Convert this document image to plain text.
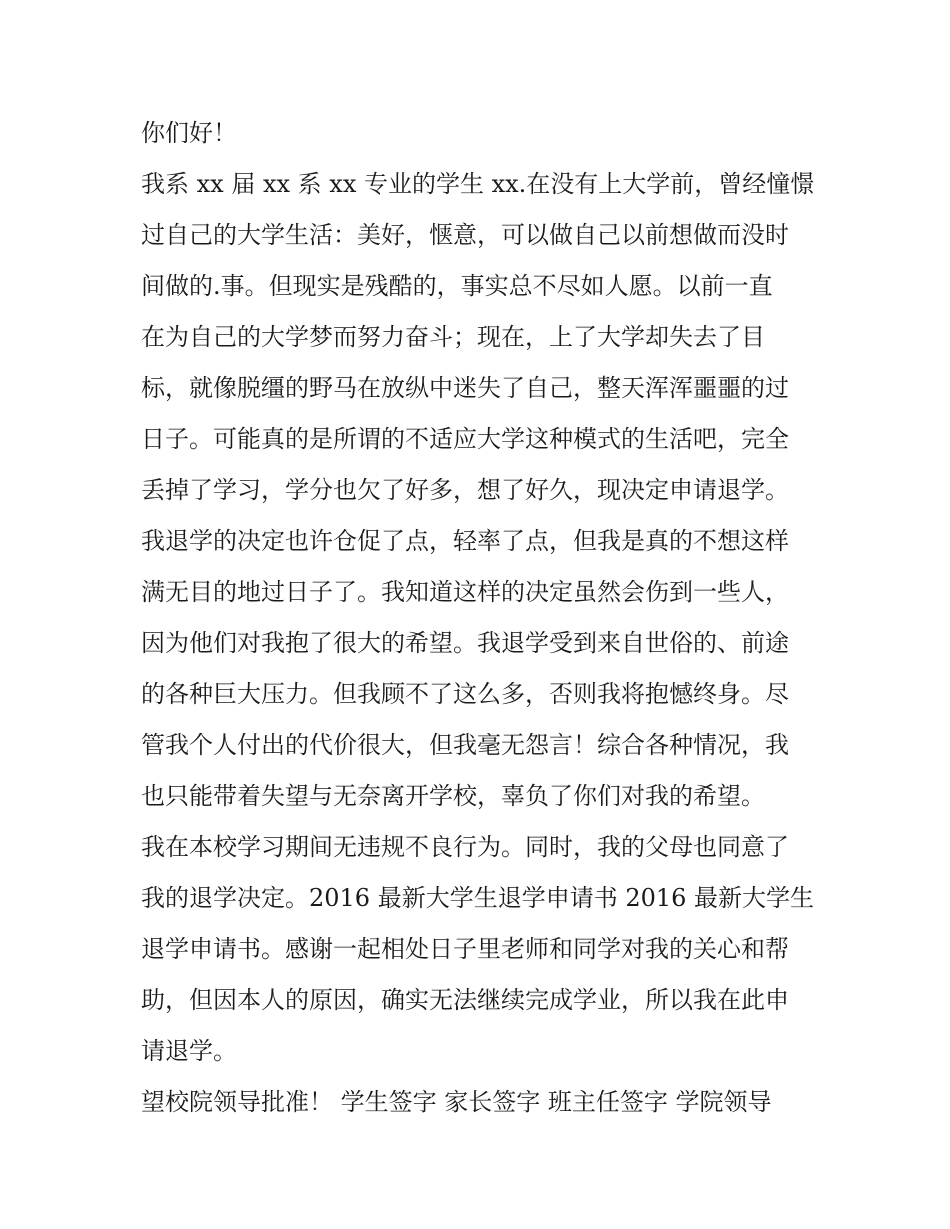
你们好！
我系 xx 届 xx 系 xx 专业的学生 xx.在没有上大学前，曾经憧憬
过自己的大学生活：美好，惬意，可以做自己以前想做而没时
间做的.事。但现实是残酷的，事实总不尽如人愿。以前一直
在为自己的大学梦而努力奋斗；现在，上了大学却失去了目
标，就像脱缰的野马在放纵中迷失了自己，整天浑浑噩噩的过
日子。可能真的是所谓的不适应大学这种模式的生活吧，完全
丢掉了学习，学分也欠了好多，想了好久，现决定申请退学。
我退学的决定也许仓促了点，轻率了点，但我是真的不想这样
满无目的地过日子了。我知道这样的决定虽然会伤到一些人，
因为他们对我抱了很大的希望。我退学受到来自世俗的、前途
的各种巨大压力。但我顾不了这么多，否则我将抱憾终身。尽
管我个人付出的代价很大，但我毫无怨言！综合各种情况，我
也只能带着失望与无奈离开学校，辜负了你们对我的希望。
我在本校学习期间无违规不良行为。同时，我的父母也同意了
我的退学决定。2016 最新大学生退学申请书 2016 最新大学生
退学申请书。感谢一起相处日子里老师和同学对我的关心和帮
助，但因本人的原因，确实无法继续完成学业，所以我在此申
请退学。
望校院领导批准！ 学生签字 家长签字 班主任签字 学院领导
